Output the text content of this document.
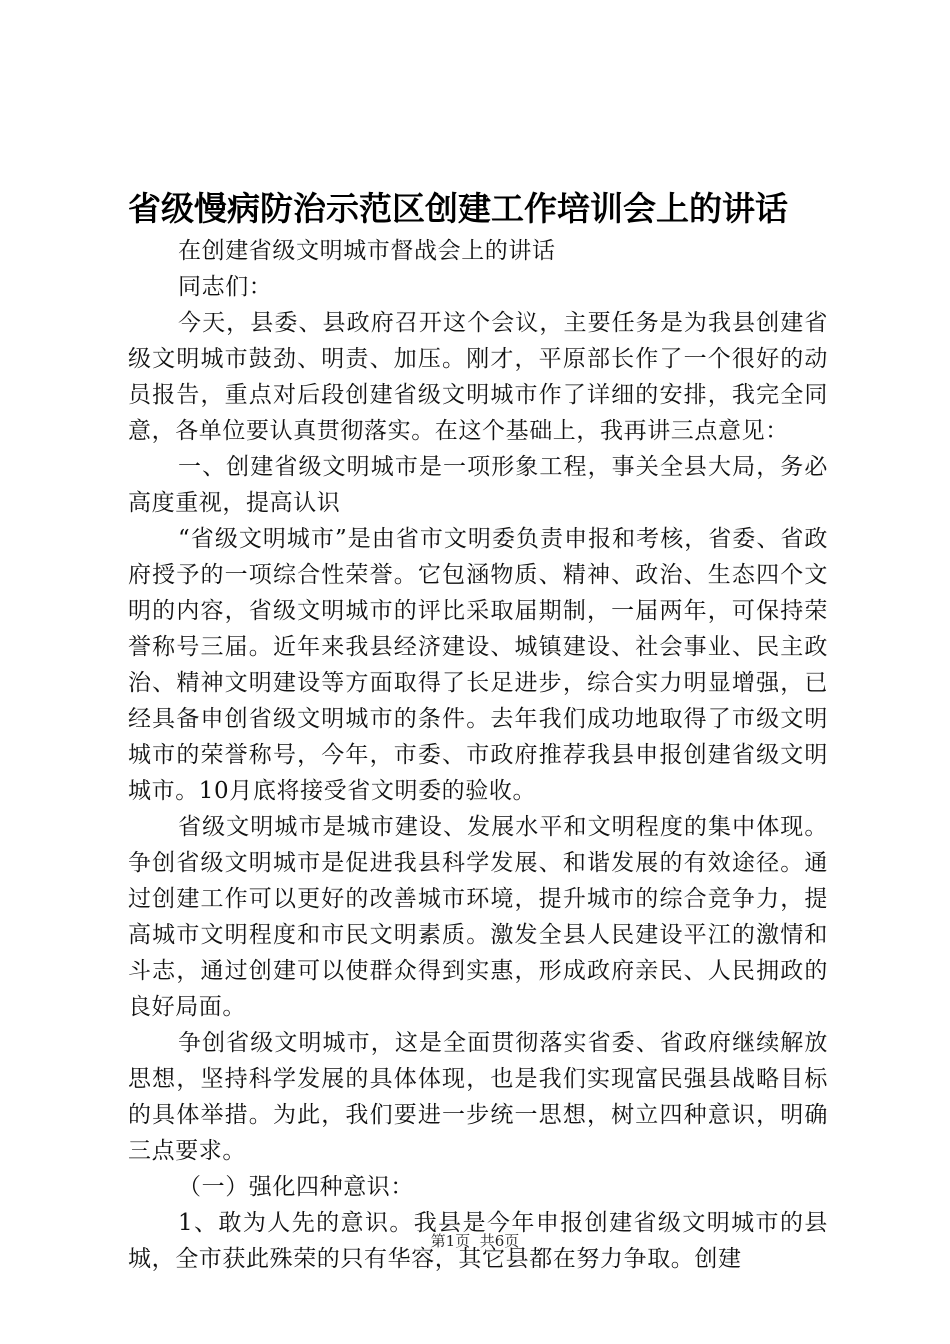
省级慢病防治示范区创建工作培训会上的讲话

在创建省级文明城市督战会上的讲话

同志们：

今天，县委、县政府召开这个会议，主要任务是为我县创建省级文明城市鼓劲、明责、加压。刚才，平原部长作了一个很好的动员报告，重点对后段创建省级文明城市作了详细的安排，我完全同意，各单位要认真贯彻落实。在这个基础上，我再讲三点意见：

一、创建省级文明城市是一项形象工程，事关全县大局，务必高度重视，提高认识

“省级文明城市”是由省市文明委负责申报和考核，省委、省政府授予的一项综合性荣誉。它包涵物质、精神、政治、生态四个文明的内容，省级文明城市的评比采取届期制，一届两年，可保持荣誉称号三届。近年来我县经济建设、城镇建设、社会事业、民主政治、精神文明建设等方面取得了长足进步，综合实力明显增强，已经具备申创省级文明城市的条件。去年我们成功地取得了市级文明城市的荣誉称号，今年，市委、市政府推荐我县申报创建省级文明城市。10月底将接受省文明委的验收。

省级文明城市是城市建设、发展水平和文明程度的集中体现。争创省级文明城市是促进我县科学发展、和谐发展的有效途径。通过创建工作可以更好的改善城市环境，提升城市的综合竞争力，提高城市文明程度和市民文明素质。激发全县人民建设平江的激情和斗志，通过创建可以使群众得到实惠，形成政府亲民、人民拥政的良好局面。

争创省级文明城市，这是全面贯彻落实省委、省政府继续解放思想，坚持科学发展的具体体现，也是我们实现富民强县战略目标的具体举措。为此，我们要进一步统一思想，树立四种意识，明确三点要求。

（一）强化四种意识：

1、敢为人先的意识。我县是今年申报创建省级文明城市的县城，全市获此殊荣的只有华容，其它县都在努力争取。创建

第1页 共6页
